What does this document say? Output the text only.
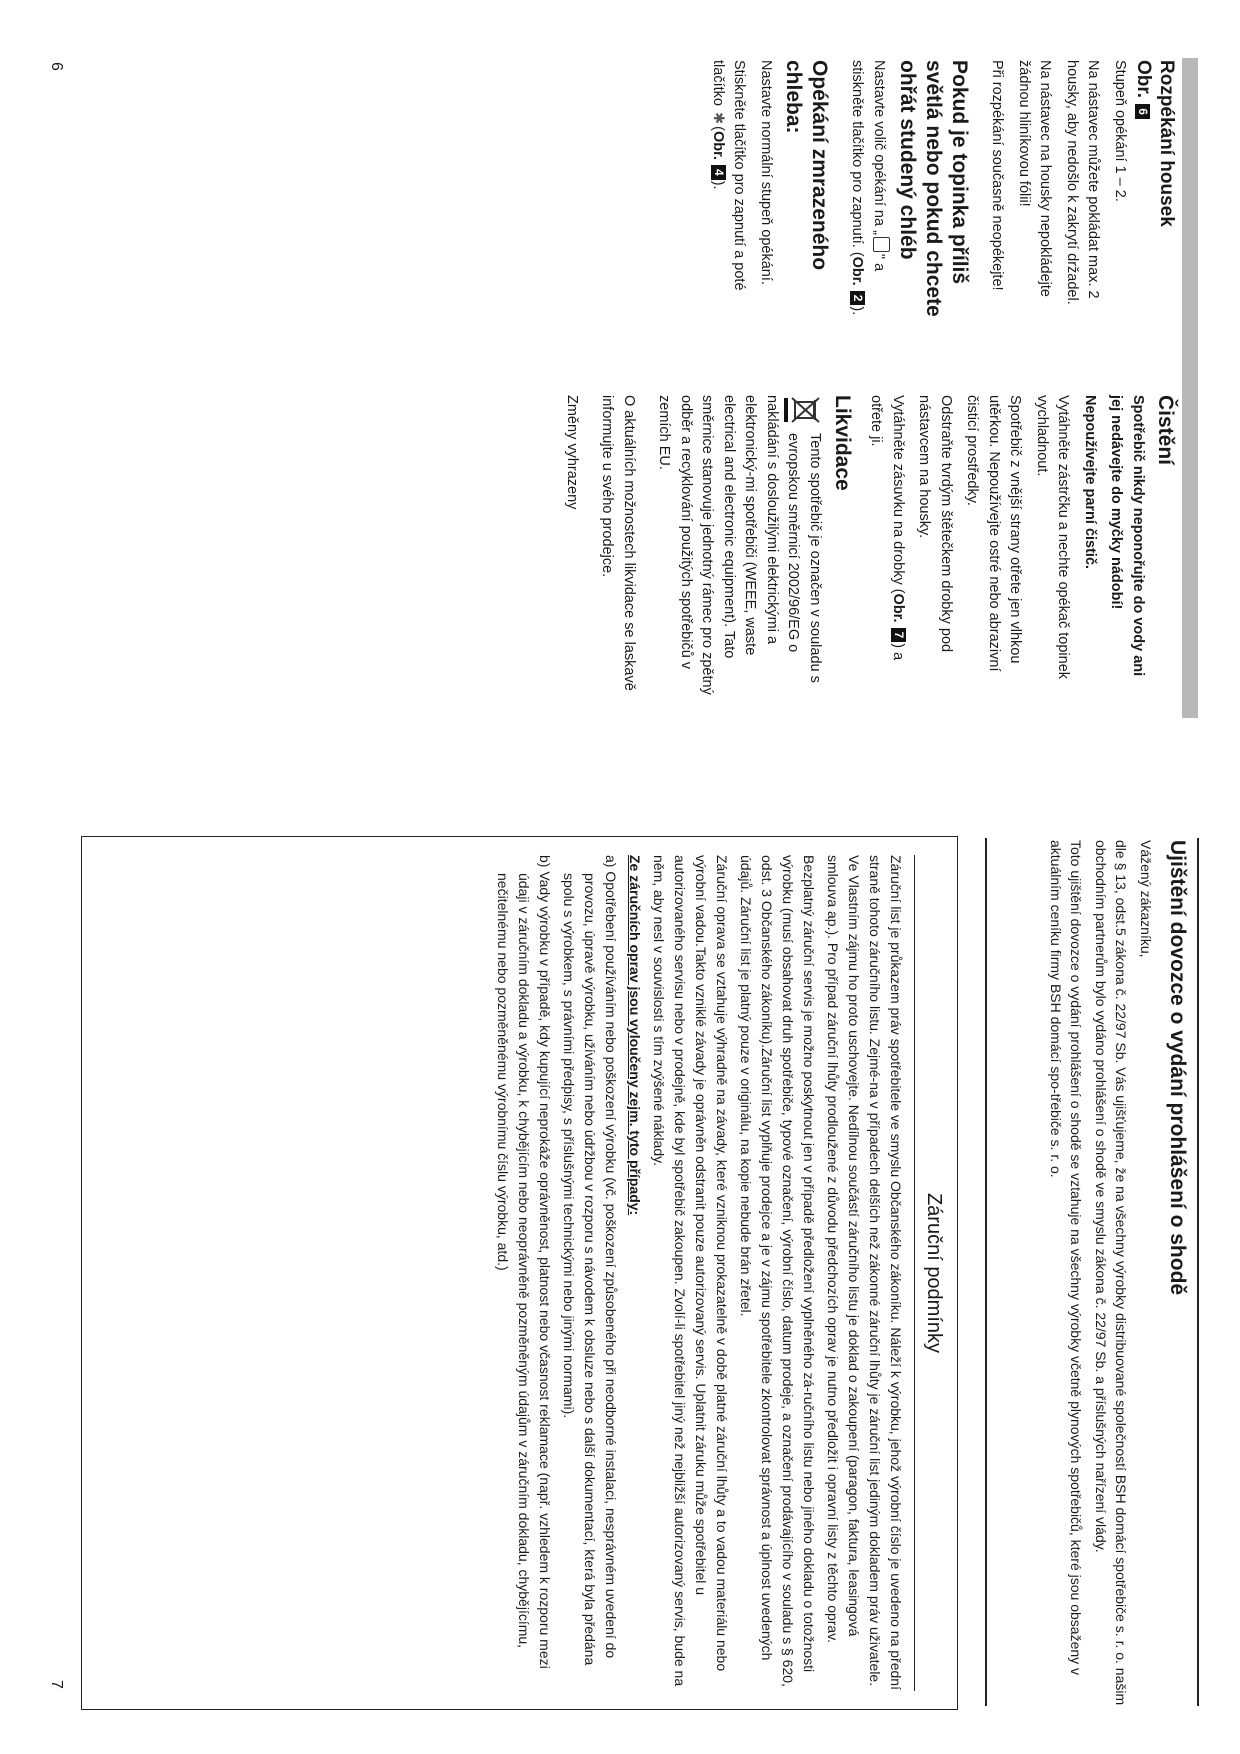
6	Rozpékání housek
Obr. 6

Stupeň opékání 1 – 2.

Na nástavec můžete pokládat max. 2 housky, aby nedošlo k zakrytí držadel.

Na nástavec na housky nepokládejte žádnou hliníkovou fólii!

Při rozpékání současně neopékejte!

Pokud je topinka příliš světlá nebo pokud chcete ohřát studený chléb

Nastavte volič opékání na „" a stiskněte tlačítko pro zapnutí. (Obr. 2).

Opékání zmrazeného chleba:

Nastavte normální stupeň opékání.

Stiskněte tlačítko pro zapnutí a poté tlačítko ✱(Obr. 4).

Čistění

Spotřebič nikdy neponořujte do vody ani jej nedávejte do myčky nádobí!

Nepoužívejte parní čistič.

Vytáhněte zástrčku a nechte opékač topinek vychladnout.

Spotřebič z vnější strany otřete jen vlhkou utěrkou. Nepoužívejte ostré nebo abrazivní čisticí prostředky.

Odstraňte tvrdým štětečkem drobky pod nástavcem na housky.

Vytáhněte zásuvku na drobky (Obr. 7) a otřete ji.

Likvidace

Tento spotřebič je označen v souladu s evropskou směrnicí 2002/96/EG o nakládání s dosloužilými elektrickými a elektronický-mi spotřebiči (WEEE, waste electrical and electronic equipment). Tato směrnice stanovuje jednotný rámec pro zpětný odběr a recyklování použitých spotřebičů v zemích EU.

O aktuálních možnostech likvidace se laskavě informujte u svého prodejce.

Změny vyhrazeny

7
Ujištění dovozce o vydání prohlášení o shodě

Vážený zákazníku,

dle § 13, odst.5 zákona č. 22/97 Sb. Vás ujišťujeme, že na všechny výrobky distribuované společností BSH domácí spotřebiče s. r. o. našim obchodním partnerům bylo vydáno prohlášení o shodě ve smyslu zákona č. 22/97 Sb. a příslušných nařízení vlády.

Toto ujištění dovozce o vydání prohlášení o shodě se vztahuje na všechny výrobky včetně plynových spotřebičů, které jsou obsaženy v aktuálním ceníku firmy BSH domácí spo-třebiče s. r. o.

Záruční podmínky

Záruční list je průkazem práv spotřebitele ve smyslu Občanského zákoníku. Náleží k výrobku, jehož výrobní číslo je uvedeno na přední straně tohoto záručního listu. Zejmé-na v případech delších než zákonné záruční lhůty je záruční list jediným dokladem práv uživatele. Ve Vlastním zájmu ho proto uschovejte. Nedílnou součástí záručního listu je doklad o zakoupení (paragon, faktura, leasingová smlouva ap.). Pro případ záruční lhůty prodloužené z důvodu předchozích oprav je nutno předložit i opravní listy z těchto oprav.

Bezplatný záruční servis je možno poskytnout jen v případě předložení vyplněného zá-ručního listu nebo jiného dokladu o totožnosti výrobku (musí obsahovat druh spotřebiče, typové označení, výrobní číslo, datum prodeje, a označení prodávajícího v souladu s § 620, odst. 3 Občanského zákoníku).Záruční list vyplňuje prodejce a je v zájmu spotřebitele zkontrolovat správnost a úplnost uvedených údajů. Záruční list je platný pouze v originálu, na kopie nebude brán zřetel.

Záruční oprava se vztahuje výhradně na závady, které vzniknou prokazatelně v době platné záruční lhůty a to vadou materiálu nebo výrobní vadou.Takto vzniklé závady je oprávněn odstranit pouze autorizovaný servis. Uplatnit záruku může spotřebitel u autorizovaného servisu nebo v prodejně, kde byl spotřebič zakoupen. Zvolí-li spotřebitel jiný než nejbližší autorizovaný servis, bude na něm, aby nesl v souvislosti s tím zvýšené náklady.

Ze záručních oprav jsou vyloučeny zejm. tyto případy:

a) Opotřebení používáním nebo poškození výrobku (vč. poškození způsobeného při neodborné instalaci, nesprávném uvedení do provozu, úpravě výrobku, užíváním nebo údržbou v rozporu s návodem k obsluze nebo s další dokumentací, která byla předána spolu s výrobkem, s právními předpisy, s příslušnými technickými nebo jinými normami).

b) Vady výrobku v případě, kdy kupující neprokáže oprávněnost, platnost nebo včasnost reklamace (např. vzhledem k rozporu mezi údaji v záručním dokladu a výrobku, k chybějícím nebo neoprávněně pozměněným údajům v záručním dokladu, chybějícímu, nečitelnému nebo pozměněnému výrobnímu číslu výrobku, atd.)
